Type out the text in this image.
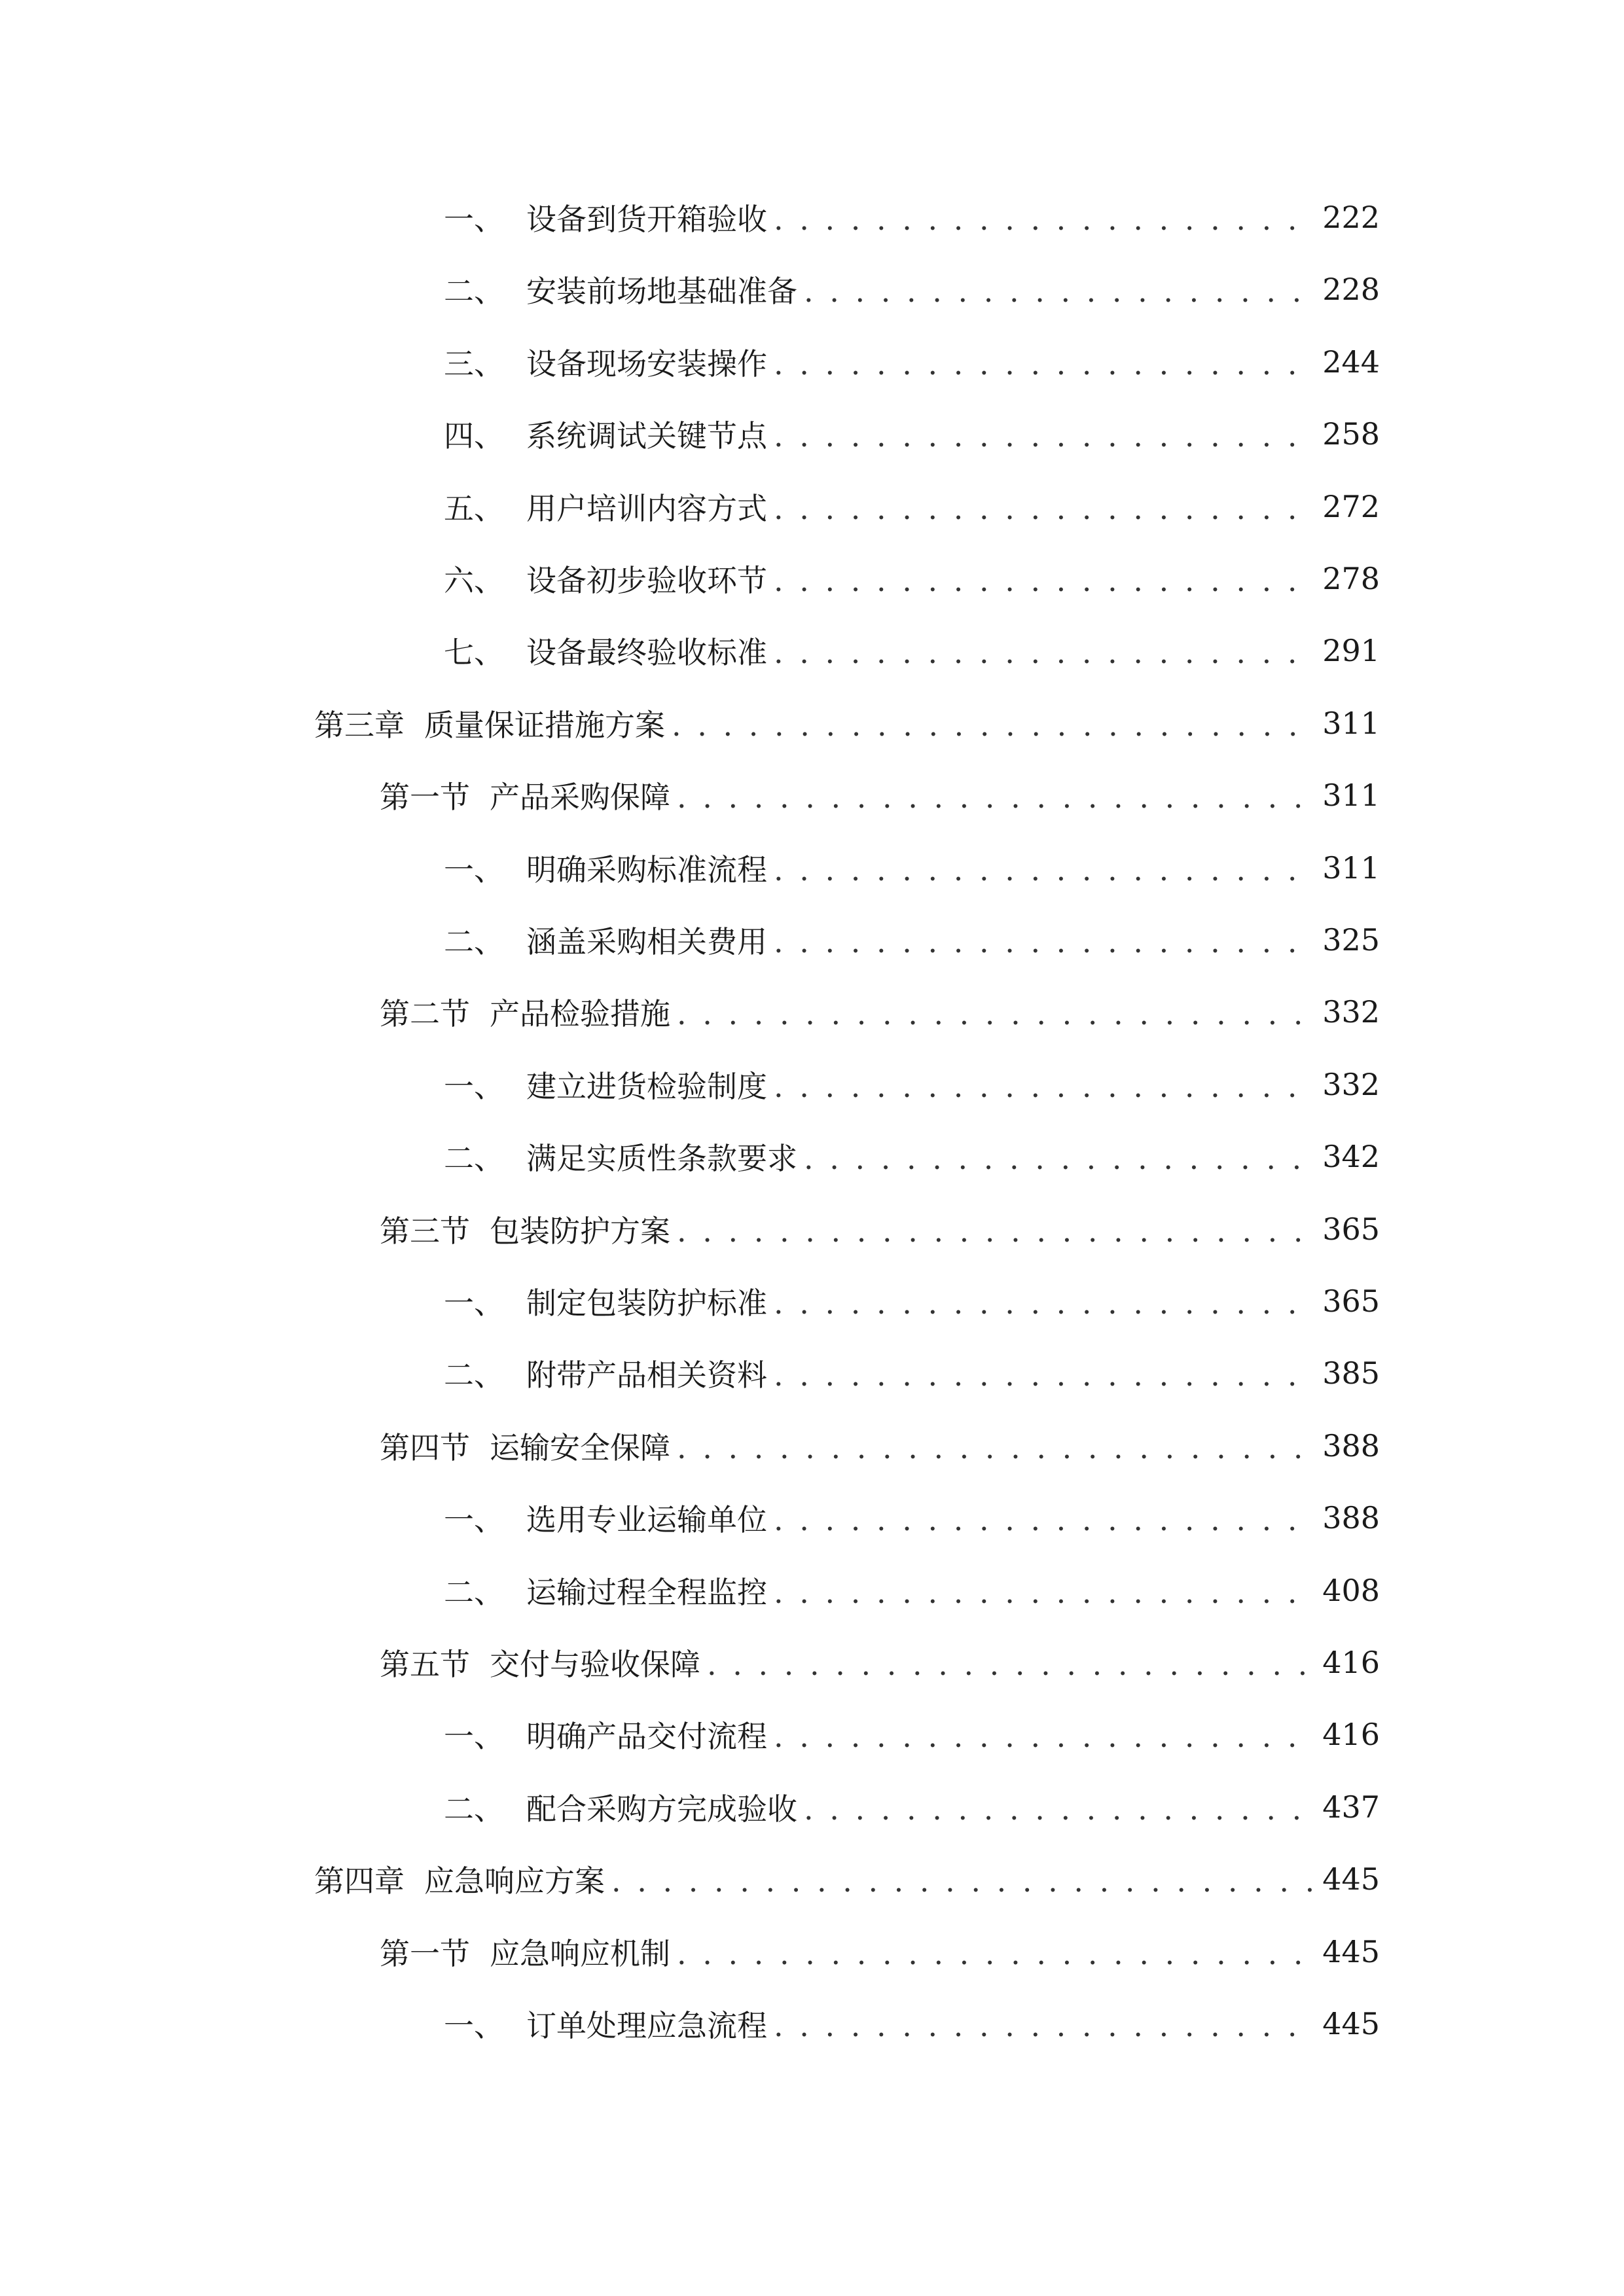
一、 设备到货开箱验收 . . .	222
二、 安装前场地基础准备 . . .	228
三、 设备现场安装操作 . . .	244
四、 系统调试关键节点 . . .	258
五、 用户培训内容方式 . . .	272
六、 设备初步验收环节 . . .	278
七、 设备最终验收标准 . . .	291
第三章 质量保证措施方案 . . .	311
第一节 产品采购保障 . . .	311
一、 明确采购标准流程 . . .	311
二、 涵盖采购相关费用 . . .	325
第二节 产品检验措施 . . .	332
一、 建立进货检验制度 . . .	332
二、 满足实质性条款要求 . . .	342
第三节 包装防护方案 . . .	365
一、 制定包装防护标准 . . .	365
二、 附带产品相关资料 . . .	385
第四节 运输安全保障 . . .	388
一、 选用专业运输单位 . . .	388
二、 运输过程全程监控 . . .	408
第五节 交付与验收保障 . . .	416
一、 明确产品交付流程 . . .	416
二、 配合采购方完成验收 . . .	437
第四章 应急响应方案 . . .	445
第一节 应急响应机制 . . .	445
一、 订单处理应急流程 . . .	445
